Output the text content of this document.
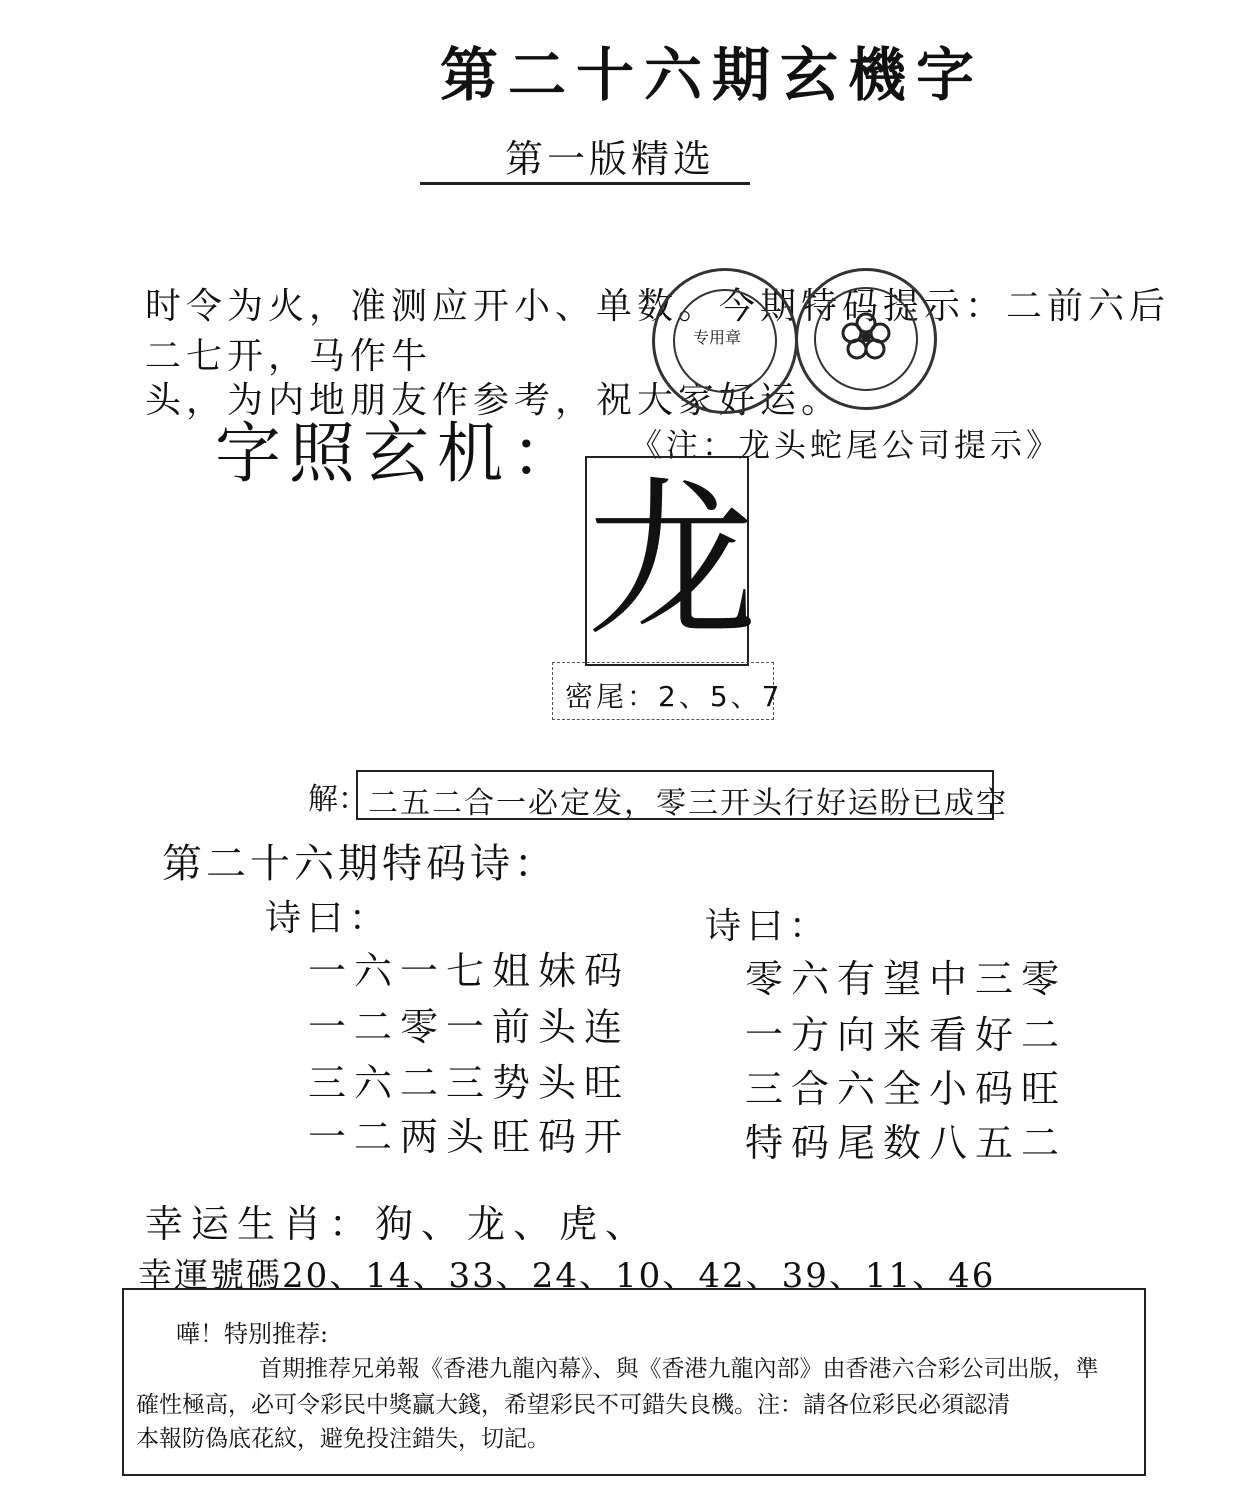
第二十六期玄機字
第一版精选
时令为火，准测应开小、单数。今期特码提示：二前六后
二七开，马作牛
头，为内地朋友作参考，祝大家好运。
专用章
字照玄机： 《注：龙头蛇尾公司提示》
龙
密尾：2、5、7
解： 二五二合一必定发，零三开头行好运盼已成空
第二十六期特码诗：
诗曰：	诗曰：
一六一七姐妹码
一二零一前头连
三六二三势头旺
一二两头旺码开
零六有望中三零
一方向来看好二
三合六全小码旺
特码尾数八五二
幸运生肖：狗、龙、虎、
幸運號碼20、14、33、24、10、42、39、11、46
嘩！特別推荐:
首期推荐兄弟報《香港九龍內幕》、與《香港九龍內部》由香港六合彩公司出版，準
確性極高，必可令彩民中獎贏大錢，希望彩民不可錯失良機。注：請各位彩民必須認清
本報防偽底花紋，避免投注錯失，切記。
